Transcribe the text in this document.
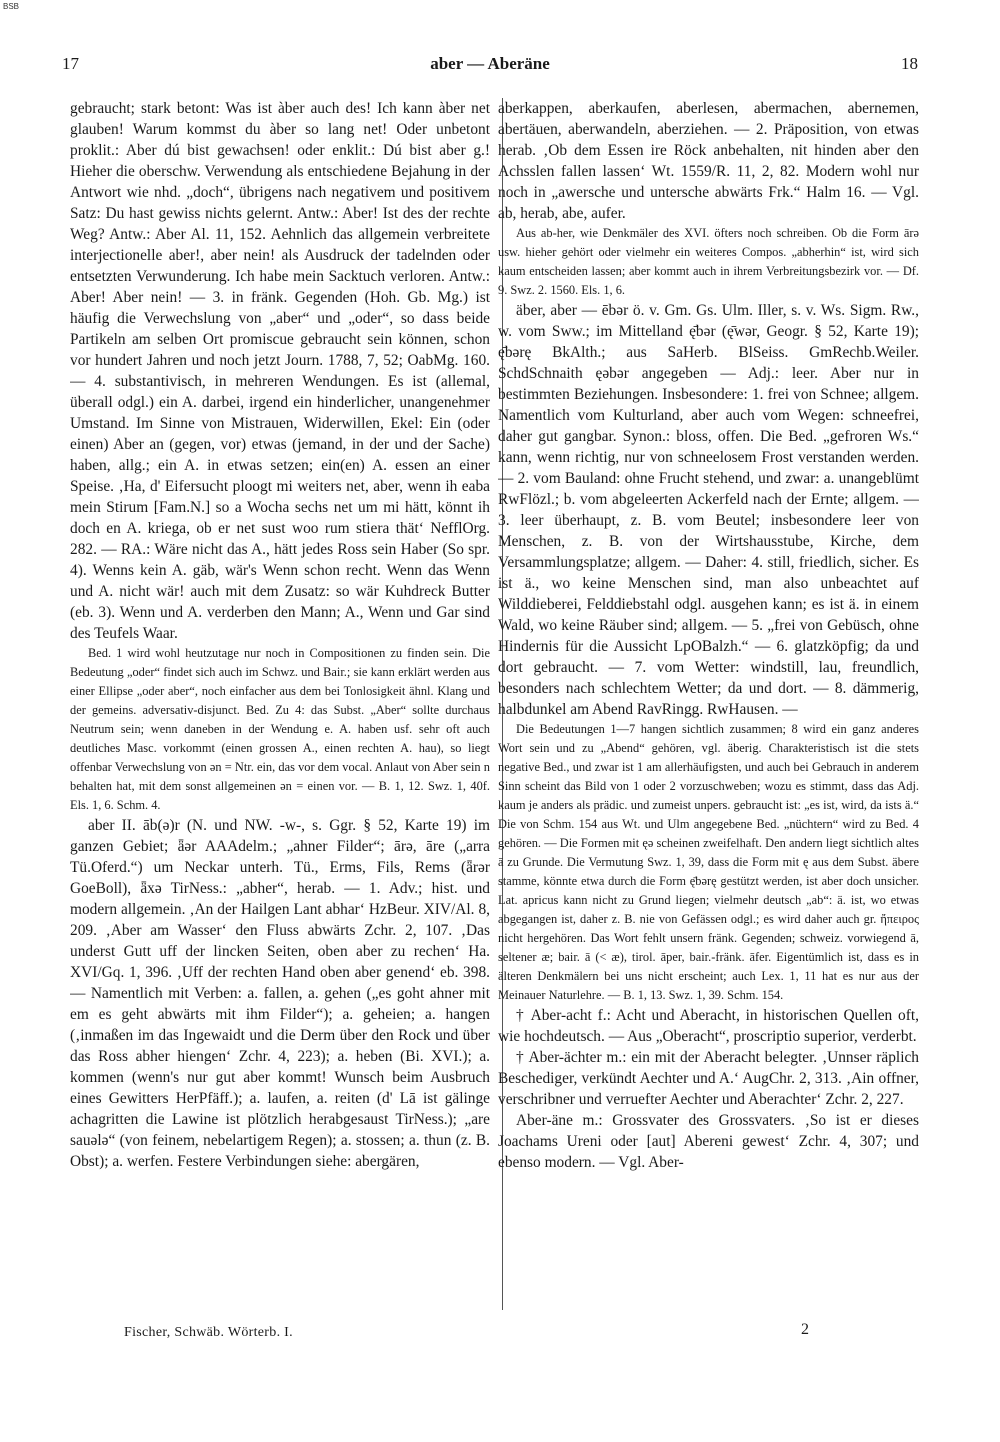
BSB
17	aber — Aberäne	18

gebraucht; stark betont: Was ist àber auch des! Ich kann àber net glauben! Warum kommst du àber so lang net! Oder unbetont proklit.: Aber dú bist gewachsen! oder enklit.: Dú bist aber g.! Hieher die oberschw. Verwendung als entschiedene Bejahung in der Antwort wie nhd. „doch“, übrigens nach negativem und positivem Satz: Du hast gewiss nichts gelernt. Antw.: Aber! Ist des der rechte Weg? Antw.: Aber Al. 11, 152. Aehnlich das allgemein verbreitete interjectionelle aber!, aber nein! als Ausdruck der tadelnden oder entsetzten Verwunderung. Ich habe mein Sacktuch verloren. Antw.: Aber! Aber nein! — 3. in fränk. Gegenden (Hoh. Gb. Mg.) ist häufig die Verwechslung von „aber“ und „oder“, so dass beide Partikeln am selben Ort promiscue gebraucht sein können, schon vor hundert Jahren und noch jetzt Journ. 1788, 7, 52; OabMg. 160. — 4. substantivisch, in mehreren Wendungen. Es ist (allemal, überall odgl.) ein A. darbei, irgend ein hinderlicher, unangenehmer Umstand. Im Sinne von Mistrauen, Widerwillen, Ekel: Ein (oder einen) Aber an (gegen, vor) etwas (jemand, in der und der Sache) haben, allg.; ein A. in etwas setzen; ein(en) A. essen an einer Speise. ‚Ha, d' Eifersucht ploogt mi weiters net, aber, wenn ih eaba mein Stirum [Fam.N.] so a Wocha sechs net um mi hätt, könnt ih doch en A. kriega, ob er net sust woo rum stiera thät‘ NefflOrg. 282. — RA.: Wäre nicht das A., hätt jedes Ross sein Haber (So spr. 4). Wenns kein A. gäb, wär's Wenn schon recht. Wenn das Wenn und A. nicht wär! auch mit dem Zusatz: so wär Kuhdreck Butter (eb. 3). Wenn und A. verderben den Mann; A., Wenn und Gar sind des Teufels Waar.

Bed. 1 wird wohl heutzutage nur noch in Compositionen zu finden sein. Die Bedeutung „oder“ findet sich auch im Schwz. und Bair.; sie kann erklärt werden aus einer Ellipse „oder aber“, noch einfacher aus dem bei Tonlosigkeit ähnl. Klang und der gemeins. adversativ-disjunct. Bed. Zu 4: das Subst. „Aber“ sollte durchaus Neutrum sein; wenn daneben in der Wendung e. A. haben usf. sehr oft auch deutliches Masc. vorkommt (einen grossen A., einen rechten A. hau), so liegt offenbar Verwechslung von ən = Ntr. ein, das vor dem vocal. Anlaut von Aber sein n behalten hat, mit dem sonst allgemeinen ən = einen vor. — B. 1, 12. Swz. 1, 40f. Els. 1, 6. Schm. 4.

aber II. āb(ə)r (N. und NW. -w-, s. Ggr. § 52, Karte 19) im ganzen Gebiet; ǟər AAAdelm.; „ahner Filder“; ārə, āre („arra Tü.Oferd.“) um Neckar unterh. Tü., Erms, Fils, Rems (ǟrər GoeBoll), ǟxə TirNess.: „abher“, herab. — 1. Adv.; hist. und modern allgemein. ‚An der Hailgen Lant abhar‘ HzBeur. XIV/Al. 8, 209. ‚Aber am Wasser‘ den Fluss abwärts Zchr. 2, 107. ‚Das underst Gutt uff der lincken Seiten, oben aber zu rechen‘ Ha. XVI/Gq. 1, 396. ‚Uff der rechten Hand oben aber genend‘ eb. 398. — Namentlich mit Verben: a. fallen, a. gehen („es goht ahner mit em es geht abwärts mit ihm Filder“); a. geheien; a. hangen (‚inmaßen im das Ingewaidt und die Derm über den Rock und über das Ross abher hiengen‘ Zchr. 4, 223); a. heben (Bi. XVI.); a. kommen (wenn's nur gut aber kommt! Wunsch beim Ausbruch eines Gewitters HerPfäff.); a. laufen, a. reiten (d' Lā ist gälinge achagritten die Lawine ist plötzlich herabgesaust TirNess.); „are sauələ“ (von feinem, nebelartigem Regen); a. stossen; a. thun (z. B. Obst); a. werfen. Festere Verbindungen siehe: abergären,

aberkappen, aberkaufen, aberlesen, abermachen, abernemen, abertäuen, aberwandeln, aberziehen. — 2. Präposition, von etwas herab. ‚Ob dem Essen ire Röck anbehalten, nit hinden aber den Achsslen fallen lassen‘ Wt. 1559/R. 11, 2, 82. Modern wohl nur noch in „awersche und untersche abwärts Frk.“ Halm 16. — Vgl. ab, herab, abe, aufer.

Aus ab-her, wie Denkmäler des XVI. öfters noch schreiben. Ob die Form ārə usw. hieher gehört oder vielmehr ein weiteres Compos. „abherhin“ ist, wird sich kaum entscheiden lassen; aber kommt auch in ihrem Verbreitungsbezirk vor. — Df. 9. Swz. 2. 1560. Els. 1, 6.

äber, aber — ēbər ö. v. Gm. Gs. Ulm. Iller, s. v. Ws. Sigm. Rw., w. vom Sww.; im Mittelland ę̄bər (ę̄wər, Geogr. § 52, Karte 19); ę̄bərę BkAlth.; aus SaHerb. BlSeiss. GmRechb.Weiler. SchdSchnaith ęəbər angegeben — Adj.: leer. Aber nur in bestimmten Beziehungen. Insbesondere: 1. frei von Schnee; allgem. Namentlich vom Kulturland, aber auch vom Wegen: schneefrei, daher gut gangbar. Synon.: bloss, offen. Die Bed. „gefroren Ws.“ kann, wenn richtig, nur von schneelosem Frost verstanden werden. — 2. vom Bauland: ohne Frucht stehend, und zwar: a. unangeblümt RwFlözl.; b. vom abgeleerten Ackerfeld nach der Ernte; allgem. — 3. leer überhaupt, z. B. vom Beutel; insbesondere leer von Menschen, z. B. von der Wirtshausstube, Kirche, dem Versammlungsplatze; allgem. — Daher: 4. still, friedlich, sicher. Es ist ä., wo keine Menschen sind, man also unbeachtet auf Wilddieberei, Felddiebstahl odgl. ausgehen kann; es ist ä. in einem Wald, wo keine Räuber sind; allgem. — 5. „frei von Gebüsch, ohne Hindernis für die Aussicht LpOBalzh.“ — 6. glatzköpfig; da und dort gebraucht. — 7. vom Wetter: windstill, lau, freundlich, besonders nach schlechtem Wetter; da und dort. — 8. dämmerig, halbdunkel am Abend RavRingg. RwHausen. —

Die Bedeutungen 1—7 hangen sichtlich zusammen; 8 wird ein ganz anderes Wort sein und zu „Abend“ gehören, vgl. äberig. Charakteristisch ist die stets negative Bed., und zwar ist 1 am allerhäufigsten, und auch bei Gebrauch in anderem Sinn scheint das Bild von 1 oder 2 vorzuschweben; wozu es stimmt, dass das Adj. kaum je anders als prädic. und zumeist unpers. gebraucht ist: „es ist, wird, da ists ä.“ Die von Schm. 154 aus Wt. und Ulm angegebene Bed. „nüchtern“ wird zu Bed. 4 gehören. — Die Formen mit ęə scheinen zweifelhaft. Den andern liegt sichtlich altes ā zu Grunde. Die Vermutung Swz. 1, 39, dass die Form mit ę aus dem Subst. äbere stamme, könnte etwa durch die Form ę̄bərę gestützt werden, ist aber doch unsicher. Lat. apricus kann nicht zu Grund liegen; vielmehr deutsch „ab“: ä. ist, wo etwas abgegangen ist, daher z. B. nie von Gefässen odgl.; es wird daher auch gr. ἤπειρος nicht hergehören. Das Wort fehlt unsern fränk. Gegenden; schweiz. vorwiegend ā, seltener æ; bair. ā (< æ), tirol. āper, bair.-fränk. āfer. Eigentümlich ist, dass es in älteren Denkmälern bei uns nicht erscheint; auch Lex. 1, 11 hat es nur aus der Meinauer Naturlehre. — B. 1, 13. Swz. 1, 39. Schm. 154.

† Aber-acht f.: Acht und Aberacht, in historischen Quellen oft, wie hochdeutsch. — Aus „Oberacht“, proscriptio superior, verderbt.

† Aber-ächter m.: ein mit der Aberacht belegter. ‚Unnser räplich Beschediger, verkündt Aechter und A.‘ AugChr. 2, 313. ‚Ain offner, verschribner und verruefter Aechter und Aberachter‘ Zchr. 2, 227.

Aber-äne m.: Grossvater des Grossvaters. ‚So ist er dieses Joachams Ureni oder [aut] Abereni gewest‘ Zchr. 4, 307; und ebenso modern. — Vgl. Aber-

Fischer, Schwäb. Wörterb. I.	2
